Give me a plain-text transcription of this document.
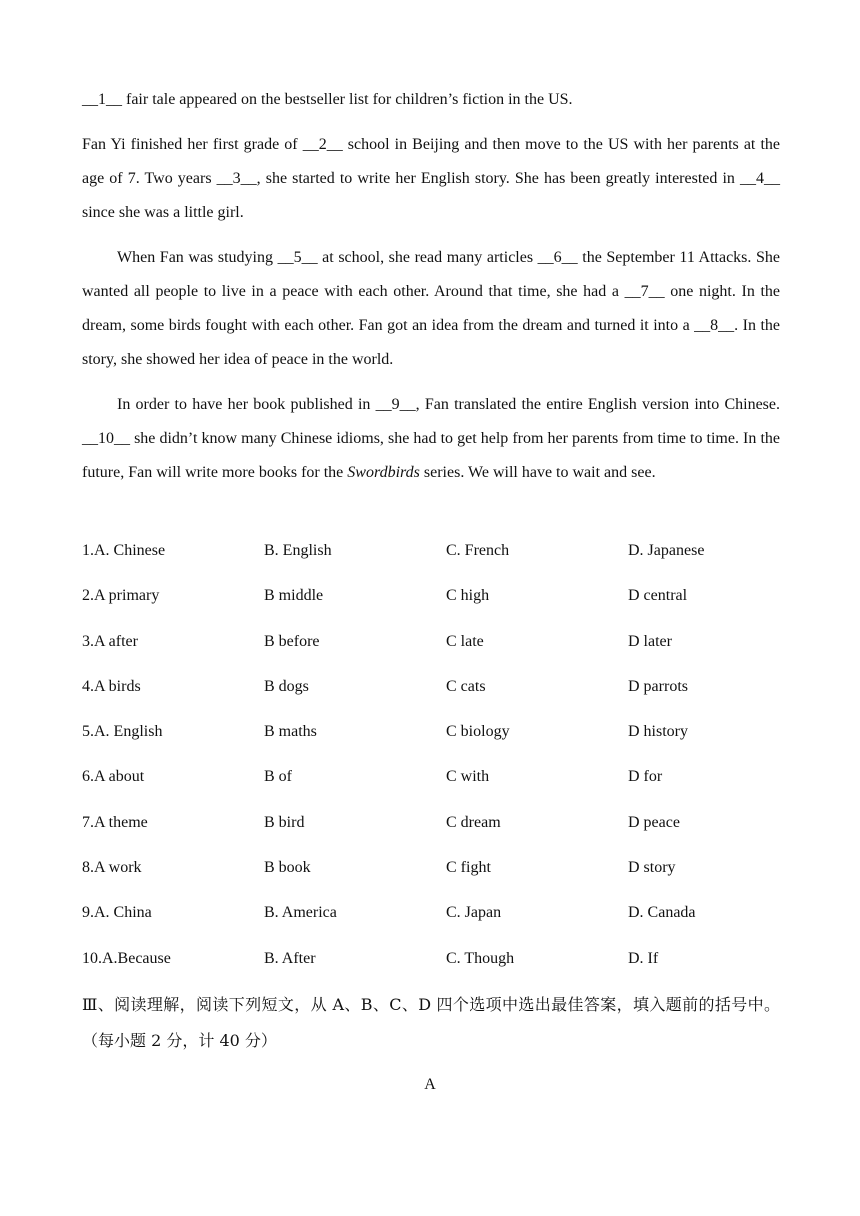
__1__ fair tale appeared on the bestseller list for children’s fiction in the US.

Fan Yi finished her first grade of __2__ school in Beijing and then move to the US with her parents at the age of 7. Two years __3__, she started to write her English story. She has been greatly interested in __4__ since she was a little girl.

When Fan was studying __5__ at school, she read many articles __6__ the September 11 Attacks. She wanted all people to live in a peace with each other. Around that time, she had a __7__ one night. In the dream, some birds fought with each other. Fan got an idea from the dream and turned it into a __8__. In the story, she showed her idea of peace in the world.

In order to have her book published in __9__, Fan translated the entire English version into Chinese. __10__ she didn’t know many Chinese idioms, she had to get help from her parents from time to time. In the future, Fan will write more books for the Swordbirds series. We will have to wait and see.

1.A. Chinese	B. English	C. French	D. Japanese
2.A primary	B middle	C high	D central
3.A after	B before	C late	D later
4.A birds	B dogs	C cats	D parrots
5.A. English	B maths	C biology	D history
6.A about	B of	C with	D for
7.A theme	B bird	C dream	D peace
8.A work	B book	C fight	D story
9.A. China	B. America	C. Japan	D. Canada
10.A.Because	B. After	C. Though	D. If

Ⅲ、阅读理解，阅读下列短文，从 A、B、C、D 四个选项中选出最佳答案，填入题前的括号中。（每小题 2 分，计 40 分）

A
